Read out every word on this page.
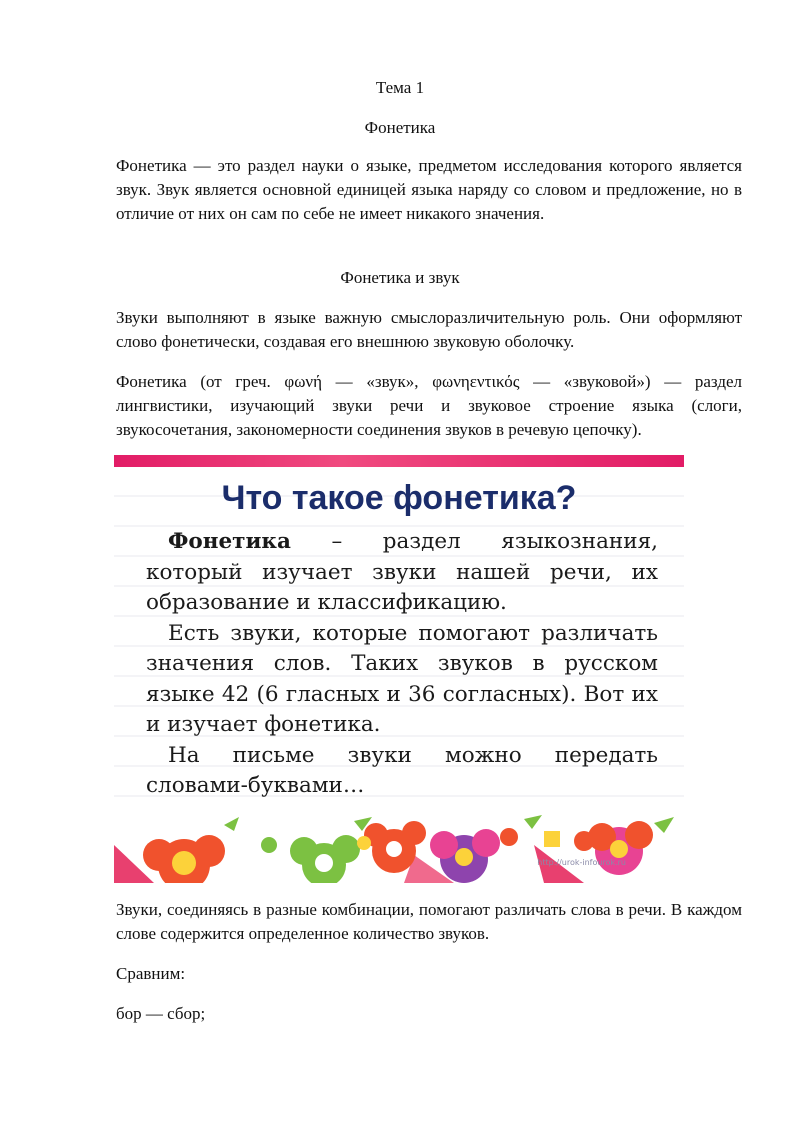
Тема 1

Фонетика

Фонетика — это раздел науки о языке, предметом исследования которого является звук. Звук является основной единицей языка наряду со словом и предложение, но в отличие от них он сам по себе не имеет никакого значения.

Фонетика и звук

Звуки выполняют в языке важную смыслоразличительную роль. Они оформляют слово фонетически, создавая его внешнюю звуковую оболочку.

Фонетика (от греч. φωνή — «звук», φωνηεντικός — «звуковой») — раздел лингвистики, изучающий звуки речи и звуковое строение языка (слоги, звукосочетания, закономерности соединения звуков в речевую цепочку).

Что такое фонетика?

Фонетика – раздел языкознания, который изучает звуки нашей речи, их образование и классификацию.

Есть звуки, которые помогают различать значения слов. Таких звуков в русском языке 42 (6 гласных и 36 согласных). Вот их и изучает фонетика.

На письме звуки можно передать словами-буквами…

http://urok-infourok.ru

Звуки, соединяясь в разные комбинации, помогают различать слова в речи. В каждом слове содержится определенное количество звуков.

Сравним:

бор — сбор;
